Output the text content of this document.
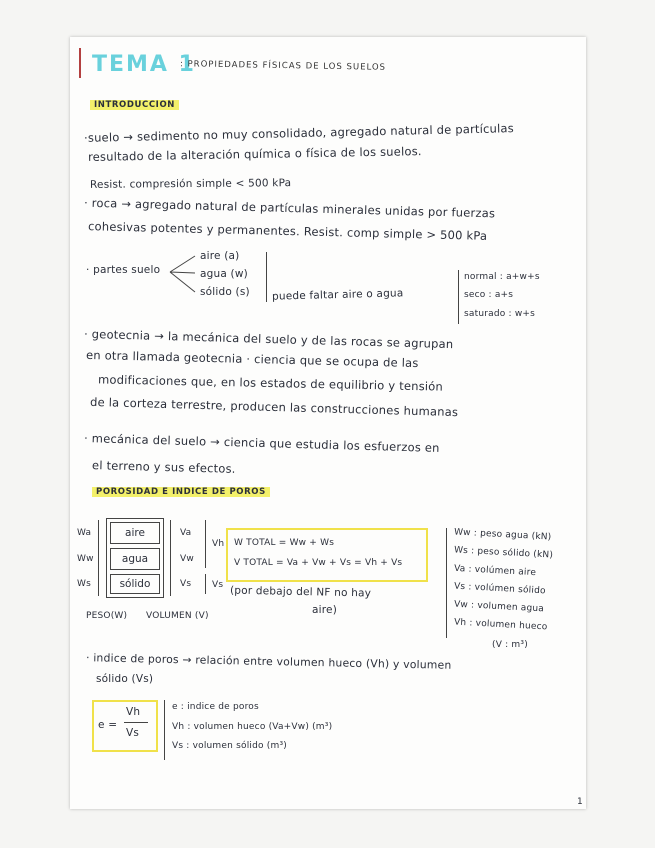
TEMA 1
: PROPIEDADES FÍSICAS DE LOS SUELOS
INTRODUCCION
·suelo → sedimento no muy consolidado, agregado natural de partículas
resultado de la alteración química o física de los suelos.
Resist. compresión simple < 500 kPa
· roca → agregado natural de partículas minerales unidas por fuerzas
cohesivas potentes y permanentes. Resist. comp simple > 500 kPa
· partes suelo
aire (a)
agua (w)
sólido (s) puede faltar aire o agua
normal : a+w+s
seco : a+s
saturado : w+s
· geotecnia → la mecánica del suelo y de las rocas se agrupan
en otra llamada geotecnia · ciencia que se ocupa de las
modificaciones que, en los estados de equilibrio y tensión
de la corteza terrestre, producen las construcciones humanas
· mecánica del suelo → ciencia que estudia los esfuerzos en
el terreno y sus efectos.
POROSIDAD E INDICE DE POROS
Wa
Ww
Ws
aire
agua
sólido
Va
Vw
Vs
Vh
Vs
W TOTAL = Ww + Ws
V TOTAL = Va + Vw + Vs = Vh + Vs
(por debajo del NF no hay
aire)
PESO(W) VOLUMEN (V)
Ww : peso agua (kN)
Ws : peso sólido (kN)
Va : volúmen aire
Vs : volúmen sólido
Vw : volumen agua
Vh : volumen hueco
(V : m³)
· indice de poros → relación entre volumen hueco (Vh) y volumen
sólido (Vs)
e =
Vh
Vs
e : indice de poros
Vh : volumen hueco (Va+Vw) (m³)
Vs : volumen sólido (m³)
1
